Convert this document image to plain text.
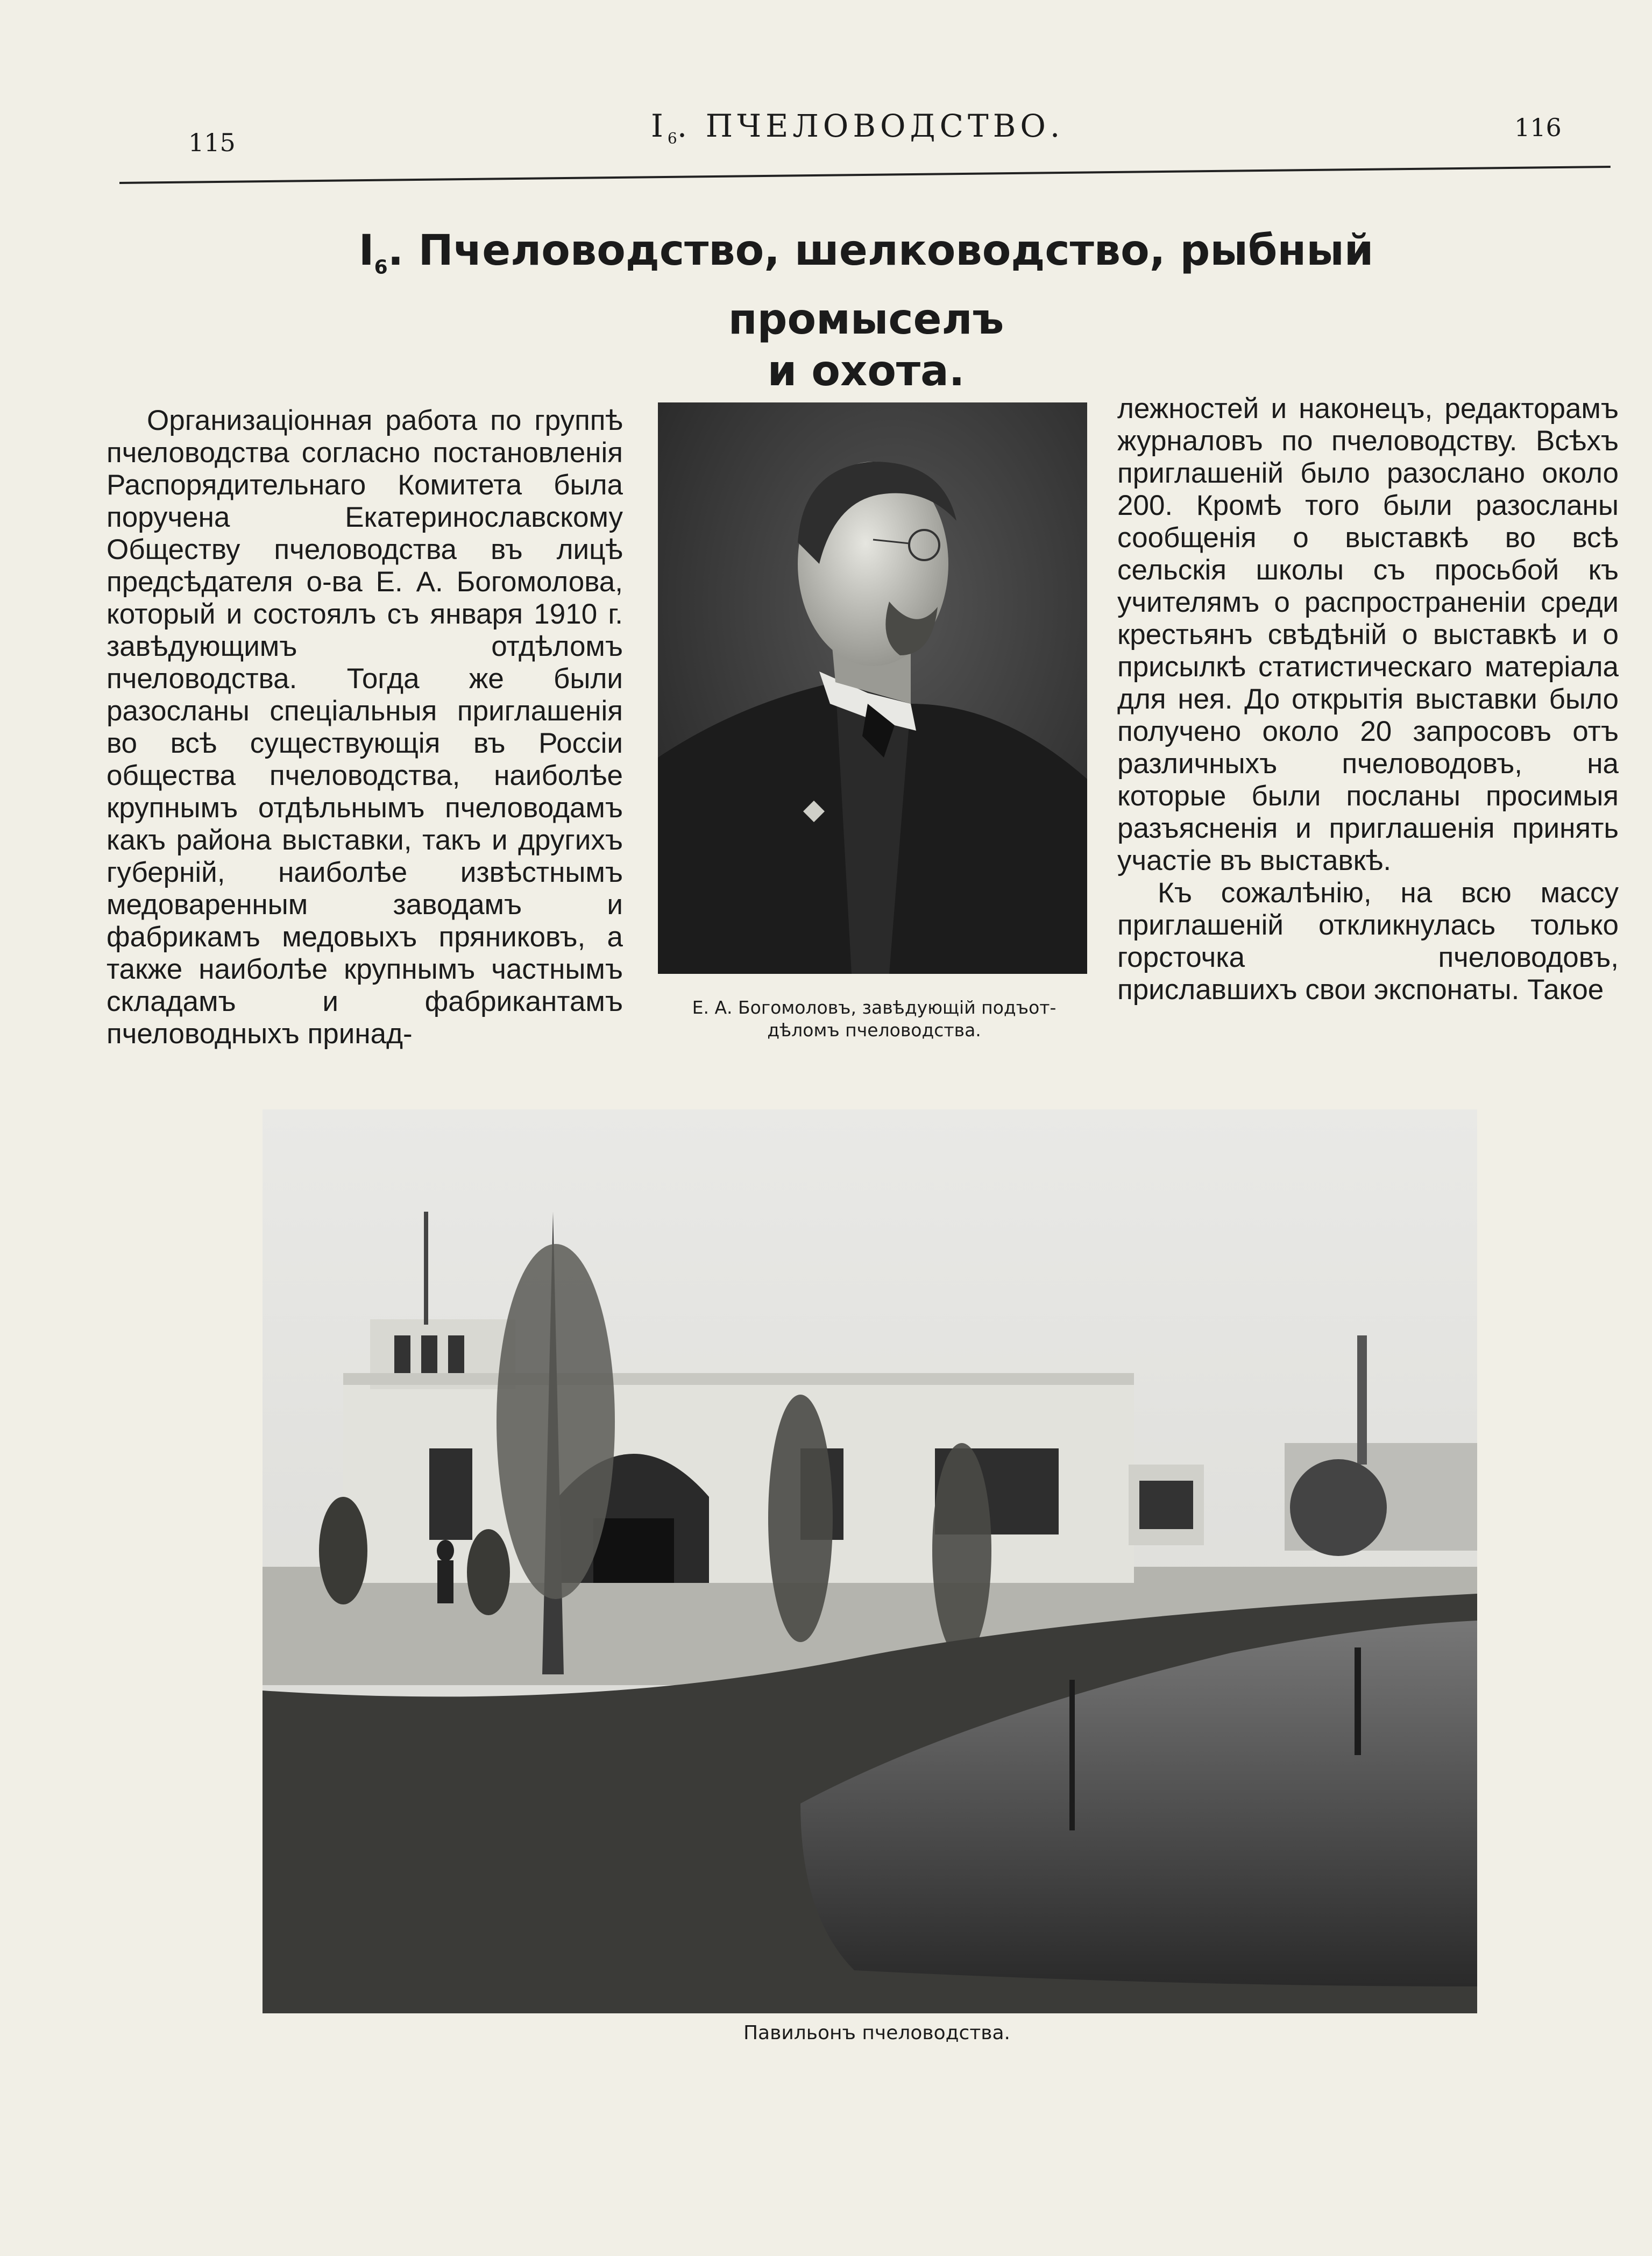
115	$I_6$. ПЧЕЛОВОДСТВО.	116
$I_6$. Пчеловодство, шелководство, рыбный промыселъ
и охота.

Организаціонная работа по группѣ пчеловодства согласно постановленія Распорядительнаго Комитета была поручена Екатеринославскому Обществу пчеловодства въ лицѣ предсѣдателя о-ва Е. А. Богомолова, который и состоялъ съ января 1910 г. завѣдующимъ отдѣломъ пчеловодства. Тогда же были разосланы спеціальныя приглашенія во всѣ существующія въ Россіи общества пчеловодства, наиболѣе крупнымъ отдѣльнымъ пчеловодамъ какъ района выставки, такъ и другихъ губерній, наиболѣе извѣстнымъ медоваренным заводамъ и фабрикамъ медовыхъ пряниковъ, а также наиболѣе крупнымъ частнымъ складамъ и фабрикантамъ пчеловодныхъ принад-

Е. А. Богомоловъ, завѣдующій подъот-
дѣломъ пчеловодства.

лежностей и наконецъ, редакторамъ журналовъ по пчеловодству. Всѣхъ приглашеній было разослано около 200. Кромѣ того были разосланы сообщенія о выставкѣ во всѣ сельскія школы съ просьбой къ учителямъ о распространеніи среди крестьянъ свѣдѣній о выставкѣ и о присылкѣ статистическаго матеріала для нея. До открытія выставки было получено около 20 запросовъ отъ различныхъ пчеловодовъ, на которые были посланы просимыя разъясненія и приглашенія принять участіе въ выставкѣ.

Къ сожалѣнію, на всю массу приглашеній откликнулась только горсточка пчеловодовъ, приславшихъ свои экспонаты. Такое

Павильонъ пчеловодства.
